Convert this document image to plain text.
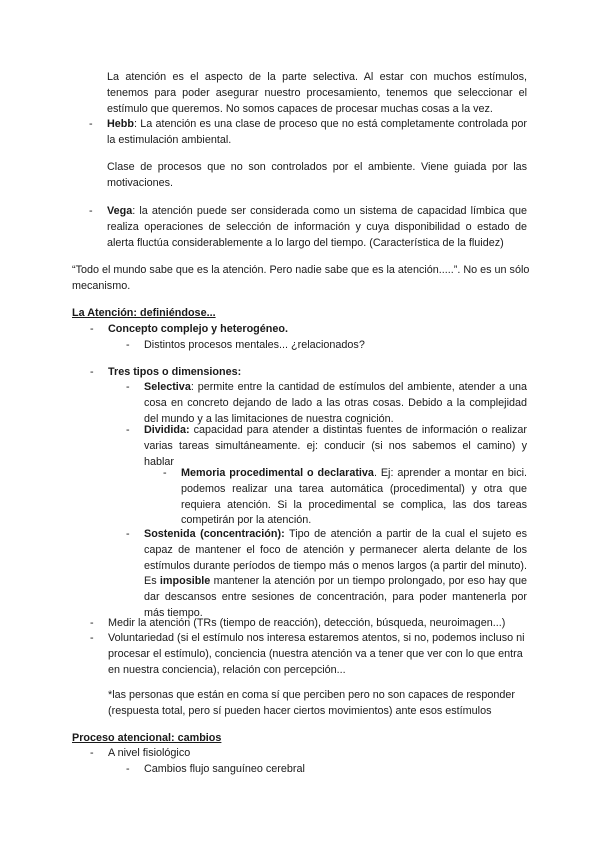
La atención es el aspecto de la parte selectiva. Al estar con muchos estímulos, tenemos para poder asegurar nuestro procesamiento, tenemos que seleccionar el estímulo que queremos. No somos capaces de procesar muchas cosas a la vez.

- Hebb: La atención es una clase de proceso que no está completamente controlada por la estimulación ambiental.

Clase de procesos que no son controlados por el ambiente. Viene guiada por las motivaciones.

- Vega: la atención puede ser considerada como un sistema de capacidad límbica que realiza operaciones de selección de información y cuya disponibilidad o estado de alerta fluctúa considerablemente a lo largo del tiempo. (Característica de la fluidez)

“Todo el mundo sabe que es la atención. Pero nadie sabe que es la atención.....”. No es un sólo mecanismo.

La Atención: definiéndose...
- Concepto complejo y heterogéneo.
- Distintos procesos mentales... ¿relacionados?
- Tres tipos o dimensiones:
- Selectiva: permite entre la cantidad de estímulos del ambiente, atender a una cosa en concreto dejando de lado a las otras cosas. Debido a la complejidad del mundo y a las limitaciones de nuestra cognición.

- Dividida: capacidad para atender a distintas fuentes de información o realizar varias tareas simultáneamente. ej: conducir (si nos sabemos el camino) y hablar

- Memoria procedimental o declarativa. Ej: aprender a montar en bici. podemos realizar una tarea automática (procedimental) y otra que requiera atención. Si la procedimental se complica, las dos tareas competirán por la atención.

- Sostenida (concentración): Tipo de atención a partir de la cual el sujeto es capaz de mantener el foco de atención y permanecer alerta delante de los estímulos durante períodos de tiempo más o menos largos (a partir del minuto). Es imposible mantener la atención por un tiempo prolongado, por eso hay que dar descansos entre sesiones de concentración, para poder mantenerla por más tiempo.

- Medir la atención (TRs (tiempo de reacción), detección, búsqueda, neuroimagen...)
- Voluntariedad (si el estímulo nos interesa estaremos atentos, si no, podemos incluso ni procesar el estímulo), conciencia (nuestra atención va a tener que ver con lo que entra en nuestra conciencia), relación con percepción...

*las personas que están en coma sí que perciben pero no son capaces de responder (respuesta total, pero sí pueden hacer ciertos movimientos) ante esos estímulos

Proceso atencional: cambios
- A nivel fisiológico
- Cambios flujo sanguíneo cerebral
